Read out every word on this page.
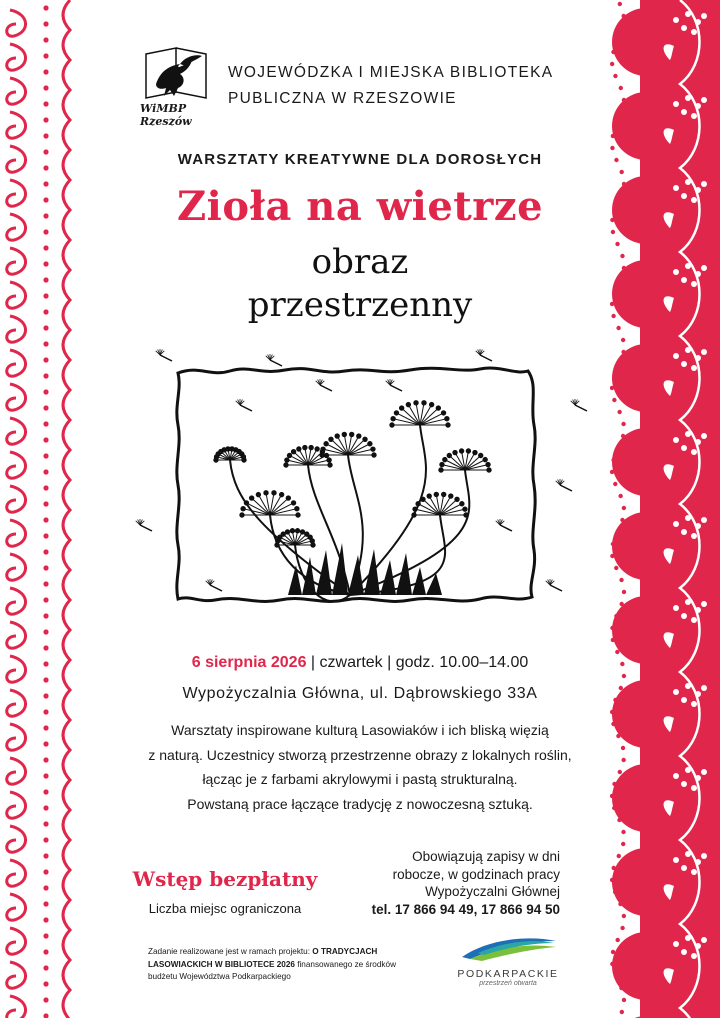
WiMBP Rzeszów
WOJEWÓDZKA I MIEJSKA BIBLIOTEKA
PUBLICZNA W RZESZOWIE
WARSZTATY KREATYWNE DLA DOROSŁYCH
Zioła na wietrze
obraz
przestrzenny
6 sierpnia 2026 | czwartek | godz. 10.00–14.00
Wypożyczalnia Główna, ul. Dąbrowskiego 33A
Warsztaty inspirowane kulturą Lasowiaków i ich bliską więzią
z naturą. Uczestnicy stworzą przestrzenne obrazy z lokalnych roślin,
łącząc je z farbami akrylowymi i pastą strukturalną.
Powstaną prace łączące tradycję z nowoczesną sztuką.
Wstęp bezpłatny
Liczba miejsc ograniczona
Obowiązują zapisy w dni
robocze, w godzinach pracy
Wypożyczalni Głównej
tel. 17 866 94 49, 17 866 94 50
Zadanie realizowane jest w ramach projektu: O TRADYCJACH
LASOWIACKICH W BIBLIOTECE 2026 finansowanego ze środków
budżetu Województwa Podkarpackiego	PODKARPACKIE
przestrzeń otwarta
